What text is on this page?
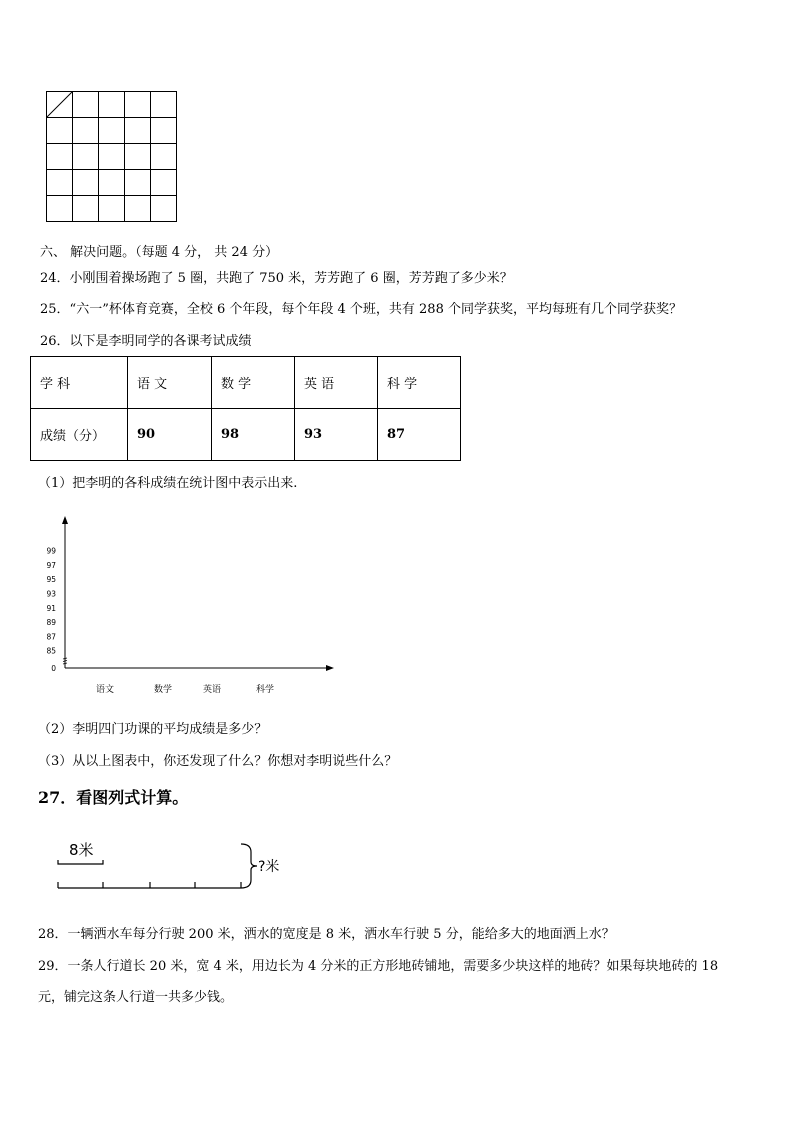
六、 解决问题。（每题 4 分， 共 24 分）
24．小刚围着操场跑了 5 圈，共跑了 750 米，芳芳跑了 6 圈，芳芳跑了多少米？
25．“六一”杯体育竞赛，全校 6 个年段，每个年段 4 个班，共有 288 个同学获奖，平均每班有几个同学获奖？
26．以下是李明同学的各课考试成绩
学 科	语 文	数 学	英 语	科 学
成绩（分）	90	98	93	87
（1）把李明的各科成绩在统计图中表示出来.
0
85
87
89
91
93
95
97
99
语文	数学	英语	科学
（2）李明四门功课的平均成绩是多少？
（3）从以上图表中，你还发现了什么？你想对李明说些什么？
27．看图列式计算。
8米
?米
28．一辆洒水车每分行驶 200 米，洒水的宽度是 8 米，洒水车行驶 5 分，能给多大的地面洒上水？
29．一条人行道长 20 米，宽 4 米，用边长为 4 分米的正方形地砖铺地，需要多少块这样的地砖？如果每块地砖的 18
元，铺完这条人行道一共多少钱。
